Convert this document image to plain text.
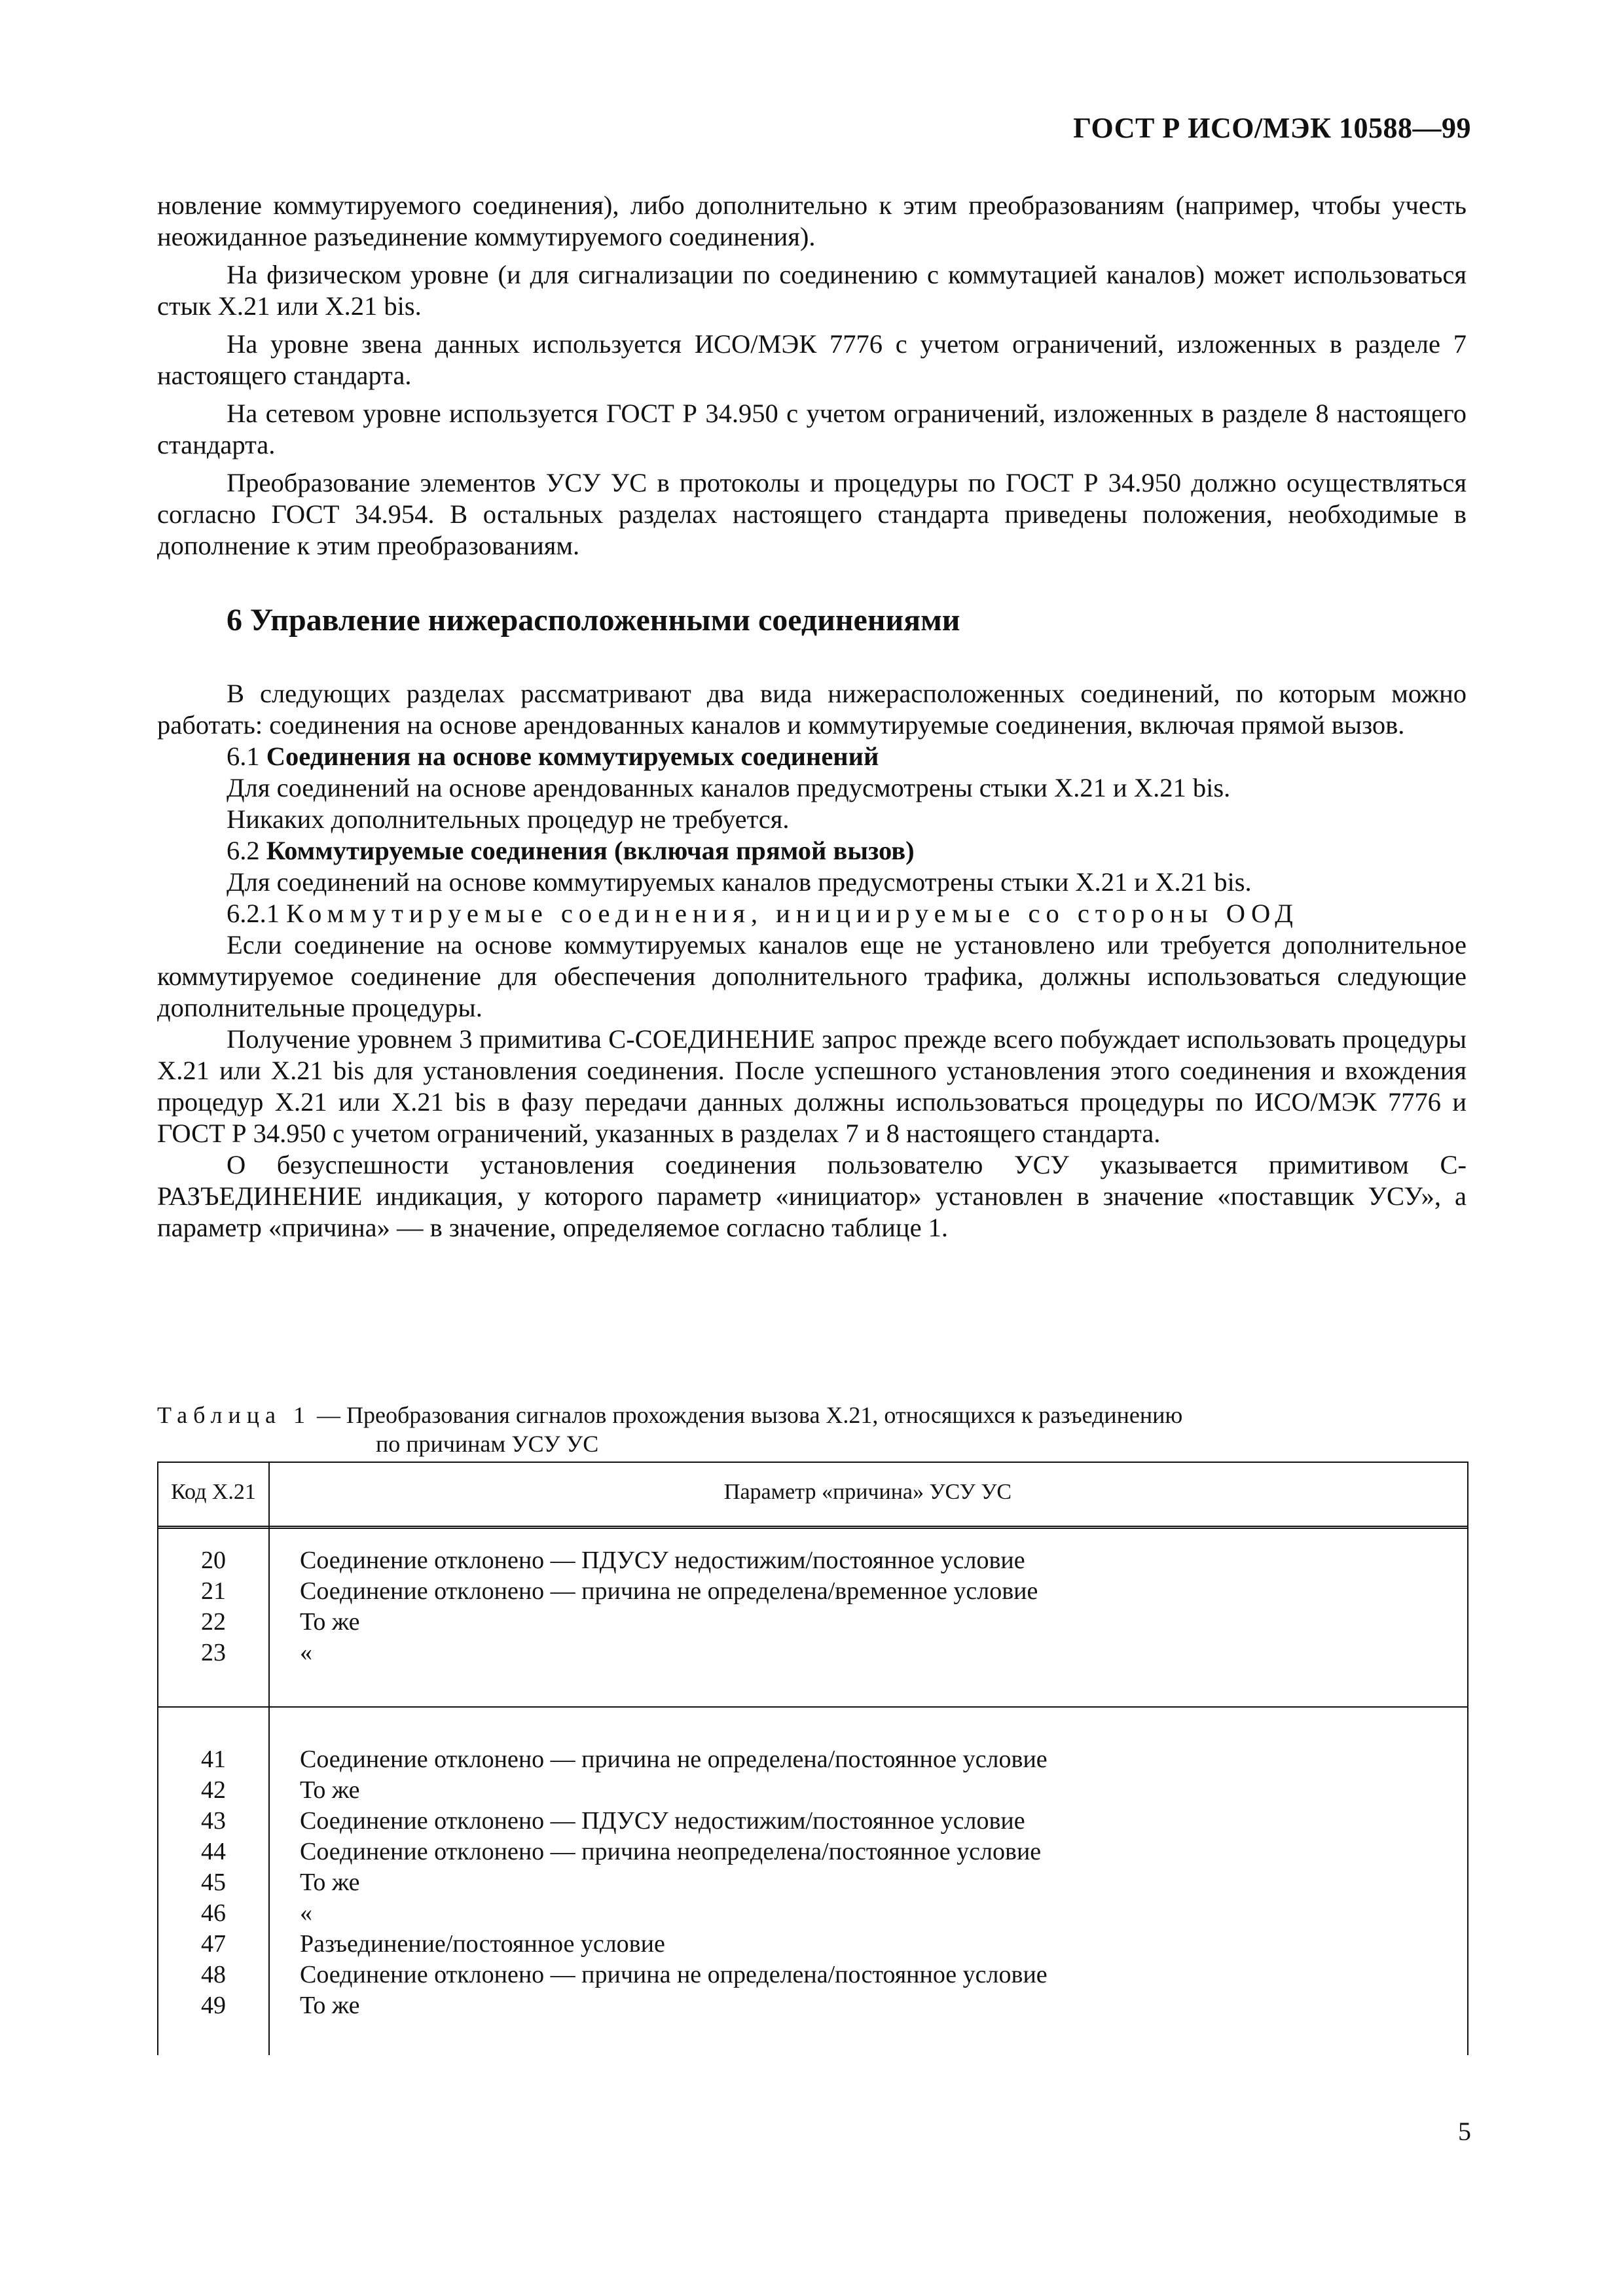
ГОСТ Р ИСО/МЭК 10588—99

новление коммутируемого соединения), либо дополнительно к этим преобразованиям (например, чтобы учесть неожиданное разъединение коммутируемого соединения).

На физическом уровне (и для сигнализации по соединению с коммутацией каналов) может использоваться стык X.21 или X.21 bis.

На уровне звена данных используется ИСО/МЭК 7776 с учетом ограничений, изложенных в разделе 7 настоящего стандарта.

На сетевом уровне используется ГОСТ Р 34.950 с учетом ограничений, изложенных в разделе 8 настоящего стандарта.

Преобразование элементов УСУ УС в протоколы и процедуры по ГОСТ Р 34.950 должно осуществляться согласно ГОСТ 34.954. В остальных разделах настоящего стандарта приведены положения, необходимые в дополнение к этим преобразованиям.

6 Управление нижерасположенными соединениями

В следующих разделах рассматривают два вида нижерасположенных соединений, по которым можно работать: соединения на основе арендованных каналов и коммутируемые соединения, включая прямой вызов.

6.1 Соединения на основе коммутируемых соединений

Для соединений на основе арендованных каналов предусмотрены стыки X.21 и X.21 bis.

Никаких дополнительных процедур не требуется.

6.2 Коммутируемые соединения (включая прямой вызов)

Для соединений на основе коммутируемых каналов предусмотрены стыки X.21 и X.21 bis.

6.2.1 Коммутируемые соединения, инициируемые со стороны ООД

Если соединение на основе коммутируемых каналов еще не установлено или требуется дополнительное коммутируемое соединение для обеспечения дополнительного трафика, должны использоваться следующие дополнительные процедуры.

Получение уровнем 3 примитива С-СОЕДИНЕНИЕ запрос прежде всего побуждает использовать процедуры X.21 или X.21 bis для установления соединения. После успешного установления этого соединения и вхождения процедур X.21 или X.21 bis в фазу передачи данных должны использоваться процедуры по ИСО/МЭК 7776 и ГОСТ Р 34.950 с учетом ограничений, указанных в разделах 7 и 8 настоящего стандарта.

О безуспешности установления соединения пользователю УСУ указывается примитивом С-РАЗЪЕДИНЕНИЕ индикация, у которого параметр «инициатор» установлен в значение «поставщик УСУ», а параметр «причина» — в значение, определяемое согласно таблице 1.

Таблица 1 — Преобразования сигналов прохождения вызова X.21, относящихся к разъединению
по причинам УСУ УС
Код X.21	Параметр «причина» УСУ УС
20
21
22
23
Соединение отклонено — ПДУСУ недостижим/постоянное условие
Соединение отклонено — причина не определена/временное условие
То же
«
41
42
43
44
45
46
47
48
49
Соединение отклонено — причина не определена/постоянное условие
То же
Соединение отклонено — ПДУСУ недостижим/постоянное условие
Соединение отклонено — причина неопределена/постоянное условие
То же
«
Разъединение/постоянное условие
Соединение отклонено — причина не определена/постоянное условие
То же
5
